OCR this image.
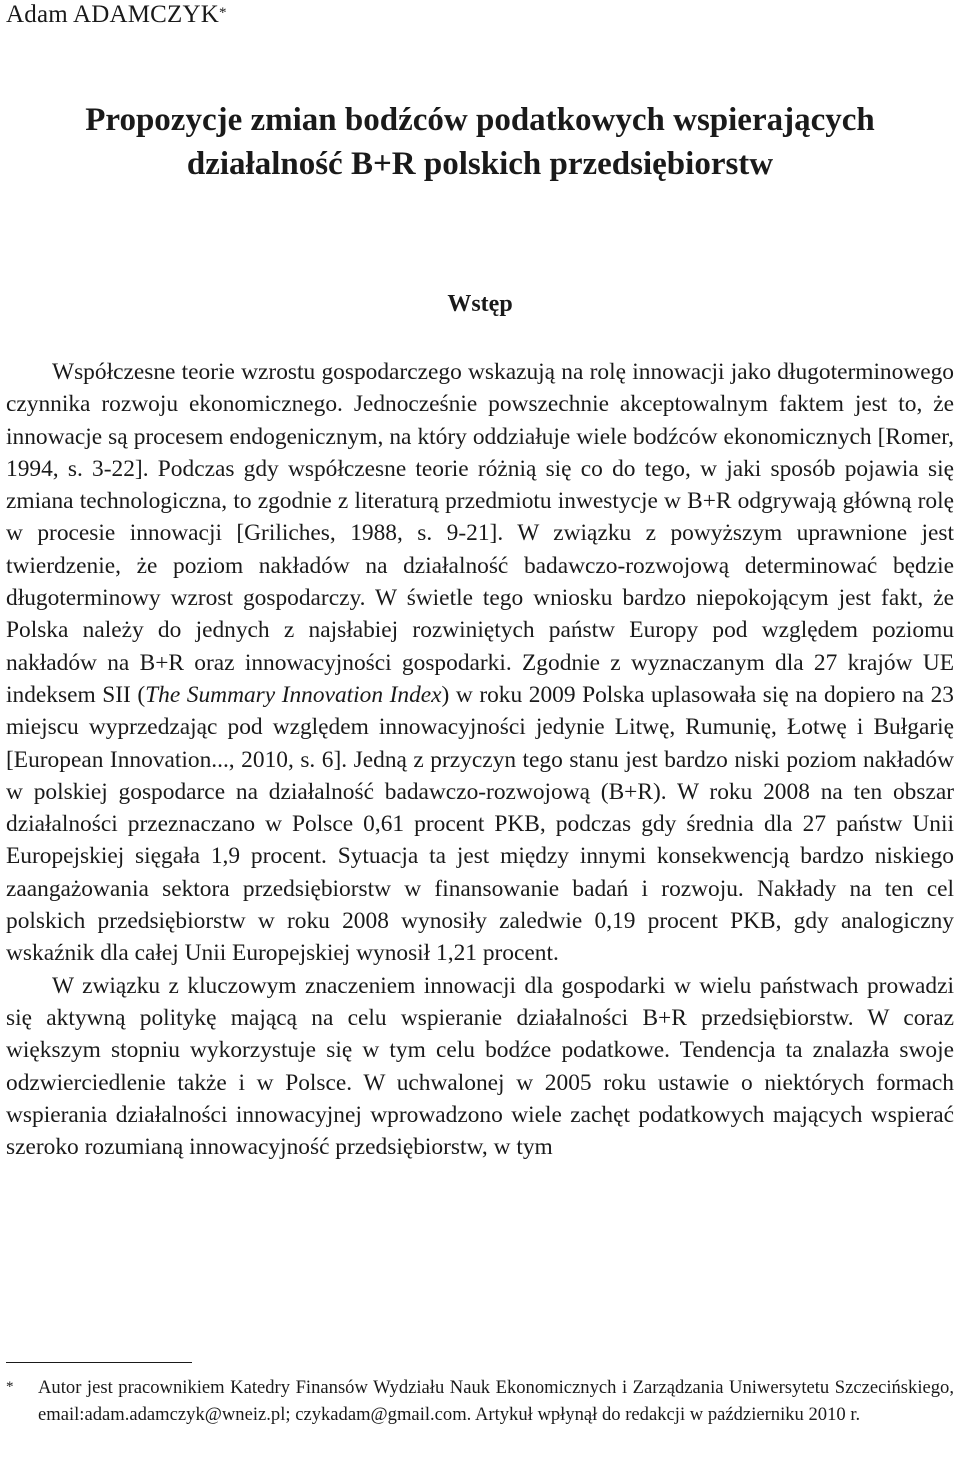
Adam ADAMCZYK*
Propozycje zmian bodźców podatkowych wspierających
działalność B+R polskich przedsiębiorstw
Wstęp

Współczesne teorie wzrostu gospodarczego wskazują na rolę innowacji jako długoterminowego czynnika rozwoju ekonomicznego. Jednocześnie powszechnie akceptowalnym faktem jest to, że innowacje są procesem endogenicznym, na który oddziałuje wiele bodźców ekonomicznych [Romer, 1994, s. 3-22]. Podczas gdy współczesne teorie różnią się co do tego, w jaki sposób pojawia się zmiana technologiczna, to zgodnie z literaturą przedmiotu inwestycje w B+R odgrywają główną rolę w procesie innowacji [Griliches, 1988, s. 9-21]. W związku z powyższym uprawnione jest twierdzenie, że poziom nakładów na działalność badawczo-rozwojową determinować będzie długoterminowy wzrost gospodarczy. W świetle tego wniosku bardzo niepokojącym jest fakt, że Polska należy do jednych z najsłabiej rozwiniętych państw Europy pod względem poziomu nakładów na B+R oraz innowacyjności gospodarki. Zgodnie z wyznaczanym dla 27 krajów UE indeksem SII (The Summary Innovation Index) w roku 2009 Polska uplasowała się na dopiero na 23 miejscu wyprzedzając pod względem innowacyjności jedynie Litwę, Rumunię, Łotwę i Bułgarię [European Innovation..., 2010, s. 6]. Jedną z przyczyn tego stanu jest bardzo niski poziom nakładów w polskiej gospodarce na działalność badawczo-rozwojową (B+R). W roku 2008 na ten obszar działalności przeznaczano w Polsce 0,61 procent PKB, podczas gdy średnia dla 27 państw Unii Europejskiej sięgała 1,9 procent. Sytuacja ta jest między innymi konsekwencją bardzo niskiego zaangażowania sektora przedsiębiorstw w finansowanie badań i rozwoju. Nakłady na ten cel polskich przedsiębiorstw w roku 2008 wynosiły zaledwie 0,19 procent PKB, gdy analogiczny wskaźnik dla całej Unii Europejskiej wynosił 1,21 procent.

W związku z kluczowym znaczeniem innowacji dla gospodarki w wielu państwach prowadzi się aktywną politykę mającą na celu wspieranie działalności B+R przedsiębiorstw. W coraz większym stopniu wykorzystuje się w tym celu bodźce podatkowe. Tendencja ta znalazła swoje odzwierciedlenie także i w Polsce. W uchwalonej w 2005 roku ustawie o niektórych formach wspierania działalności innowacyjnej wprowadzono wiele zachęt podatkowych mających wspierać szeroko rozumianą innowacyjność przedsiębiorstw, w tym

* Autor jest pracownikiem Katedry Finansów Wydziału Nauk Ekonomicznych i Zarządzania Uniwersytetu Szczecińskiego, email:adam.adamczyk@wneiz.pl; czykadam@gmail.com. Artykuł wpłynął do redakcji w październiku 2010 r.
